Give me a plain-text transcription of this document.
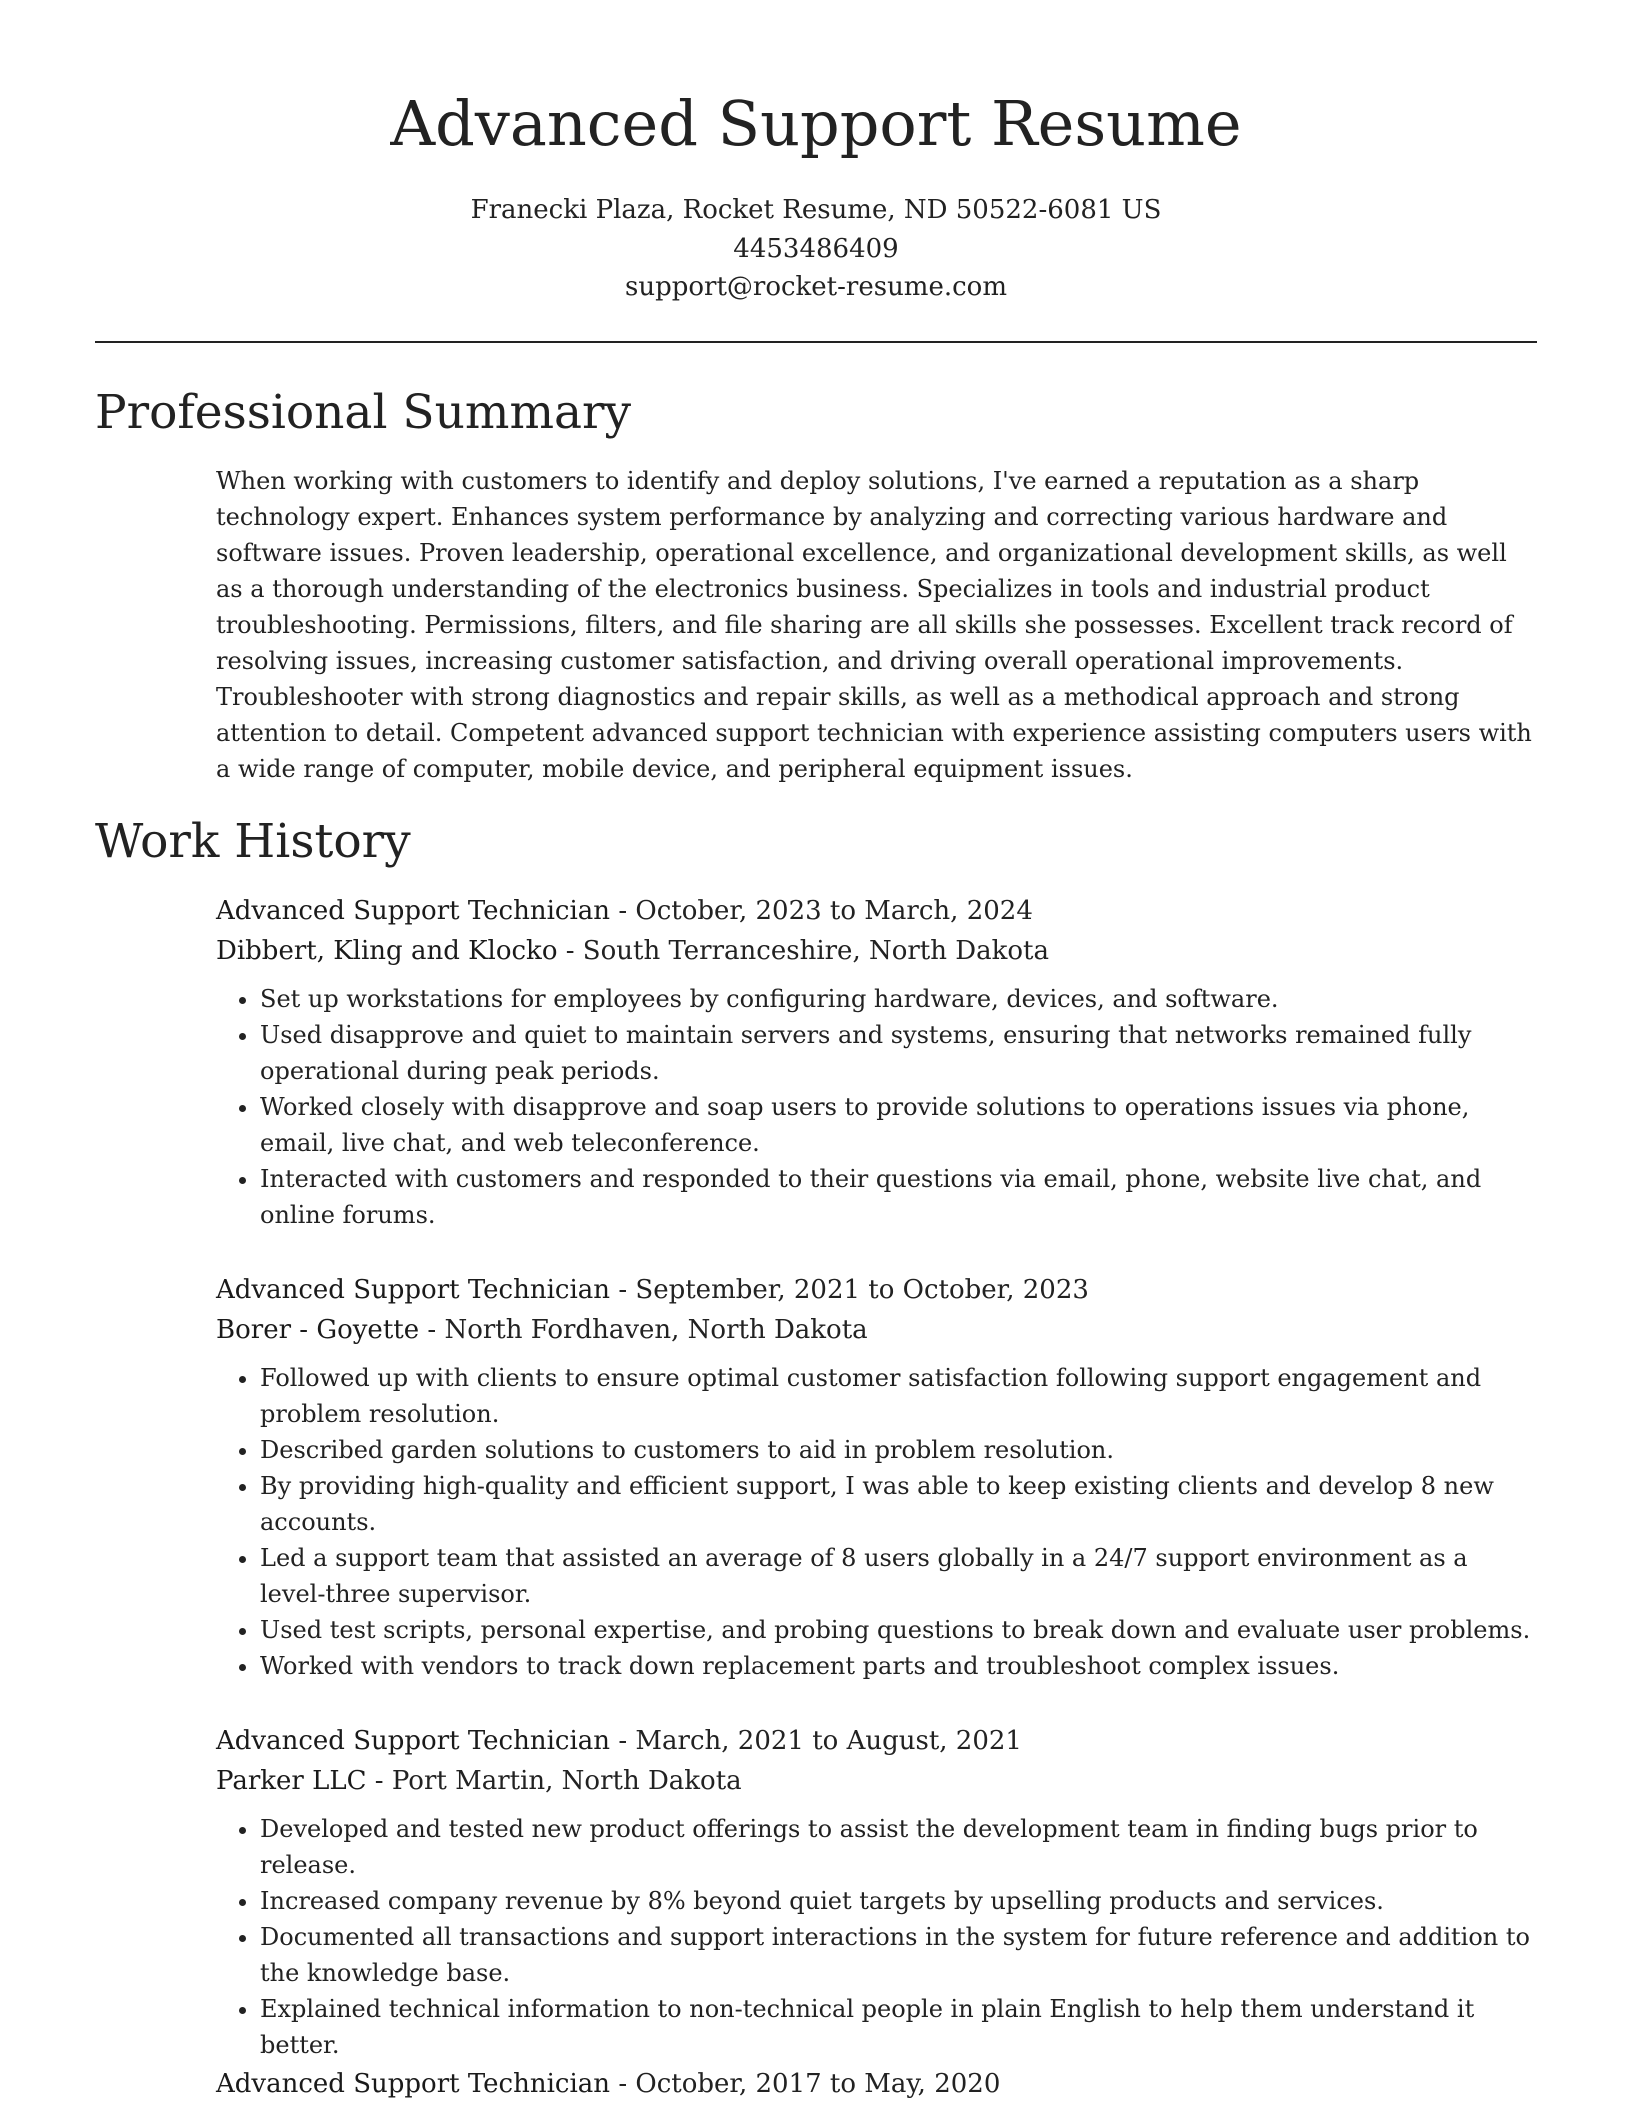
Advanced Support Resume
Franecki Plaza, Rocket Resume, ND 50522-6081 US
4453486409
support@rocket-resume.com
Professional Summary

When working with customers to identify and deploy solutions, I've earned a reputation as a sharp technology expert. Enhances system performance by analyzing and correcting various hardware and software issues. Proven leadership, operational excellence, and organizational development skills, as well as a thorough understanding of the electronics business. Specializes in tools and industrial product troubleshooting. Permissions, filters, and file sharing are all skills she possesses. Excellent track record of resolving issues, increasing customer satisfaction, and driving overall operational improvements. Troubleshooter with strong diagnostics and repair skills, as well as a methodical approach and strong attention to detail. Competent advanced support technician with experience assisting computers users with a wide range of computer, mobile device, and peripheral equipment issues.

Work History
Advanced Support Technician - October, 2023 to March, 2024
Dibbert, Kling and Klocko - South Terranceshire, North Dakota
• Set up workstations for employees by configuring hardware, devices, and software.
• Used disapprove and quiet to maintain servers and systems, ensuring that networks remained fully operational during peak periods.
• Worked closely with disapprove and soap users to provide solutions to operations issues via phone, email, live chat, and web teleconference.
• Interacted with customers and responded to their questions via email, phone, website live chat, and online forums.
Advanced Support Technician - September, 2021 to October, 2023
Borer - Goyette - North Fordhaven, North Dakota
• Followed up with clients to ensure optimal customer satisfaction following support engagement and problem resolution.
• Described garden solutions to customers to aid in problem resolution.
• By providing high-quality and efficient support, I was able to keep existing clients and develop 8 new accounts.
• Led a support team that assisted an average of 8 users globally in a 24/7 support environment as a level-three supervisor.
• Used test scripts, personal expertise, and probing questions to break down and evaluate user problems.
• Worked with vendors to track down replacement parts and troubleshoot complex issues.
Advanced Support Technician - March, 2021 to August, 2021
Parker LLC - Port Martin, North Dakota
• Developed and tested new product offerings to assist the development team in finding bugs prior to release.
• Increased company revenue by 8% beyond quiet targets by upselling products and services.
• Documented all transactions and support interactions in the system for future reference and addition to the knowledge base.
• Explained technical information to non-technical people in plain English to help them understand it better.
Advanced Support Technician - October, 2017 to May, 2020
